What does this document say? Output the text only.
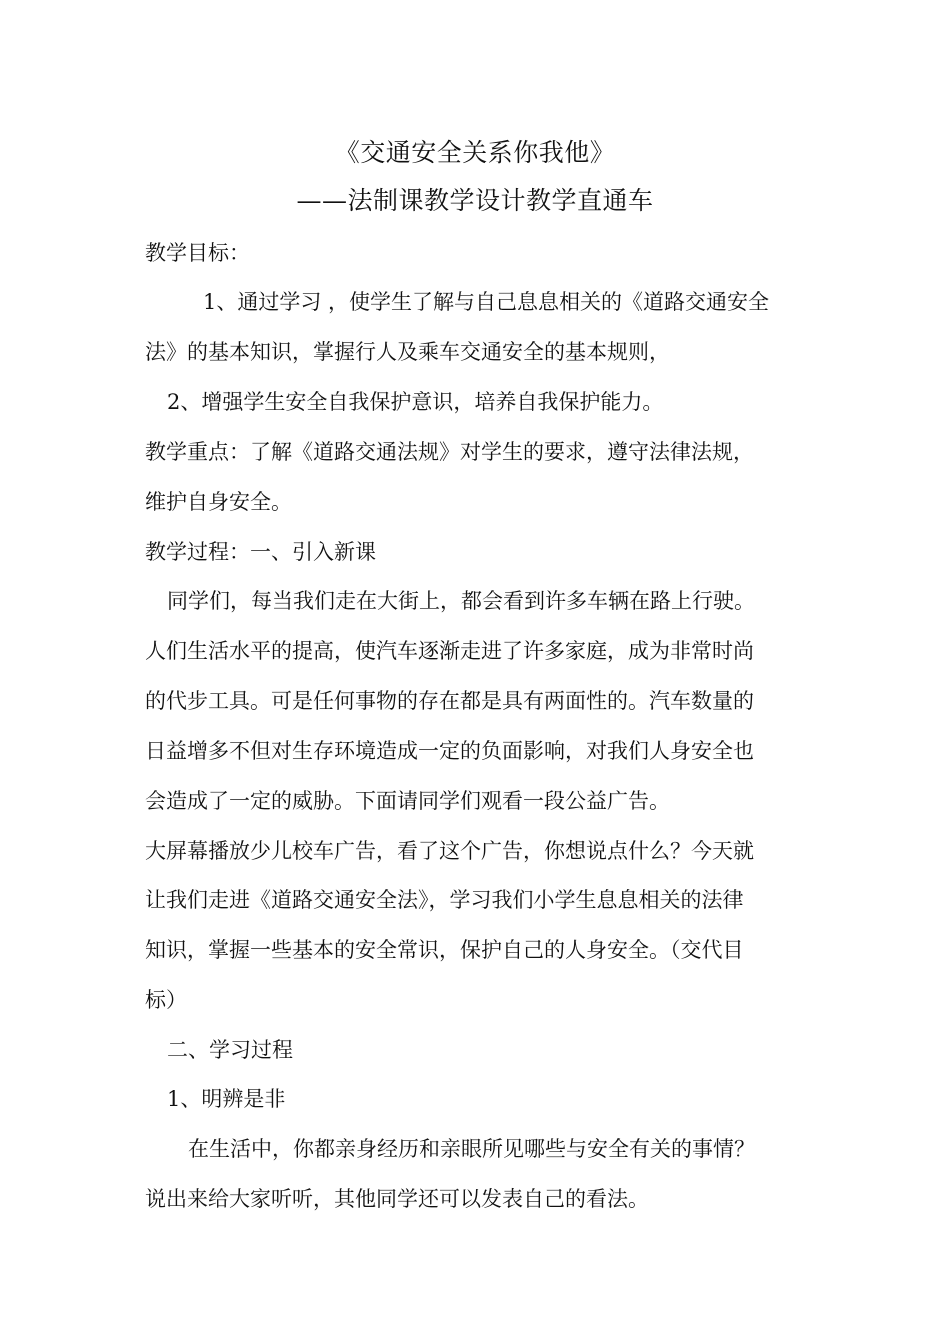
《交通安全关系你我他》
——法制课教学设计教学直通车
教学目标：
1、通过学习 ，使学生了解与自己息息相关的《道路交通安全
法》的基本知识，掌握行人及乘车交通安全的基本规则，
2、增强学生安全自我保护意识，培养自我保护能力。
教学重点：了解《道路交通法规》对学生的要求，遵守法律法规，
维护自身安全。
教学过程：一、引入新课
同学们，每当我们走在大街上，都会看到许多车辆在路上行驶。
人们生活水平的提高，使汽车逐渐走进了许多家庭，成为非常时尚
的代步工具。可是任何事物的存在都是具有两面性的。汽车数量的
日益增多不但对生存环境造成一定的负面影响，对我们人身安全也
会造成了一定的威胁。下面请同学们观看一段公益广告。
大屏幕播放少儿校车广告，看了这个广告，你想说点什么？今天就
让我们走进《道路交通安全法》，学习我们小学生息息相关的法律
知识，掌握一些基本的安全常识，保护自己的人身安全。（交代目
标）
二、学习过程
1、明辨是非
在生活中，你都亲身经历和亲眼所见哪些与安全有关的事情？
说出来给大家听听，其他同学还可以发表自己的看法。
